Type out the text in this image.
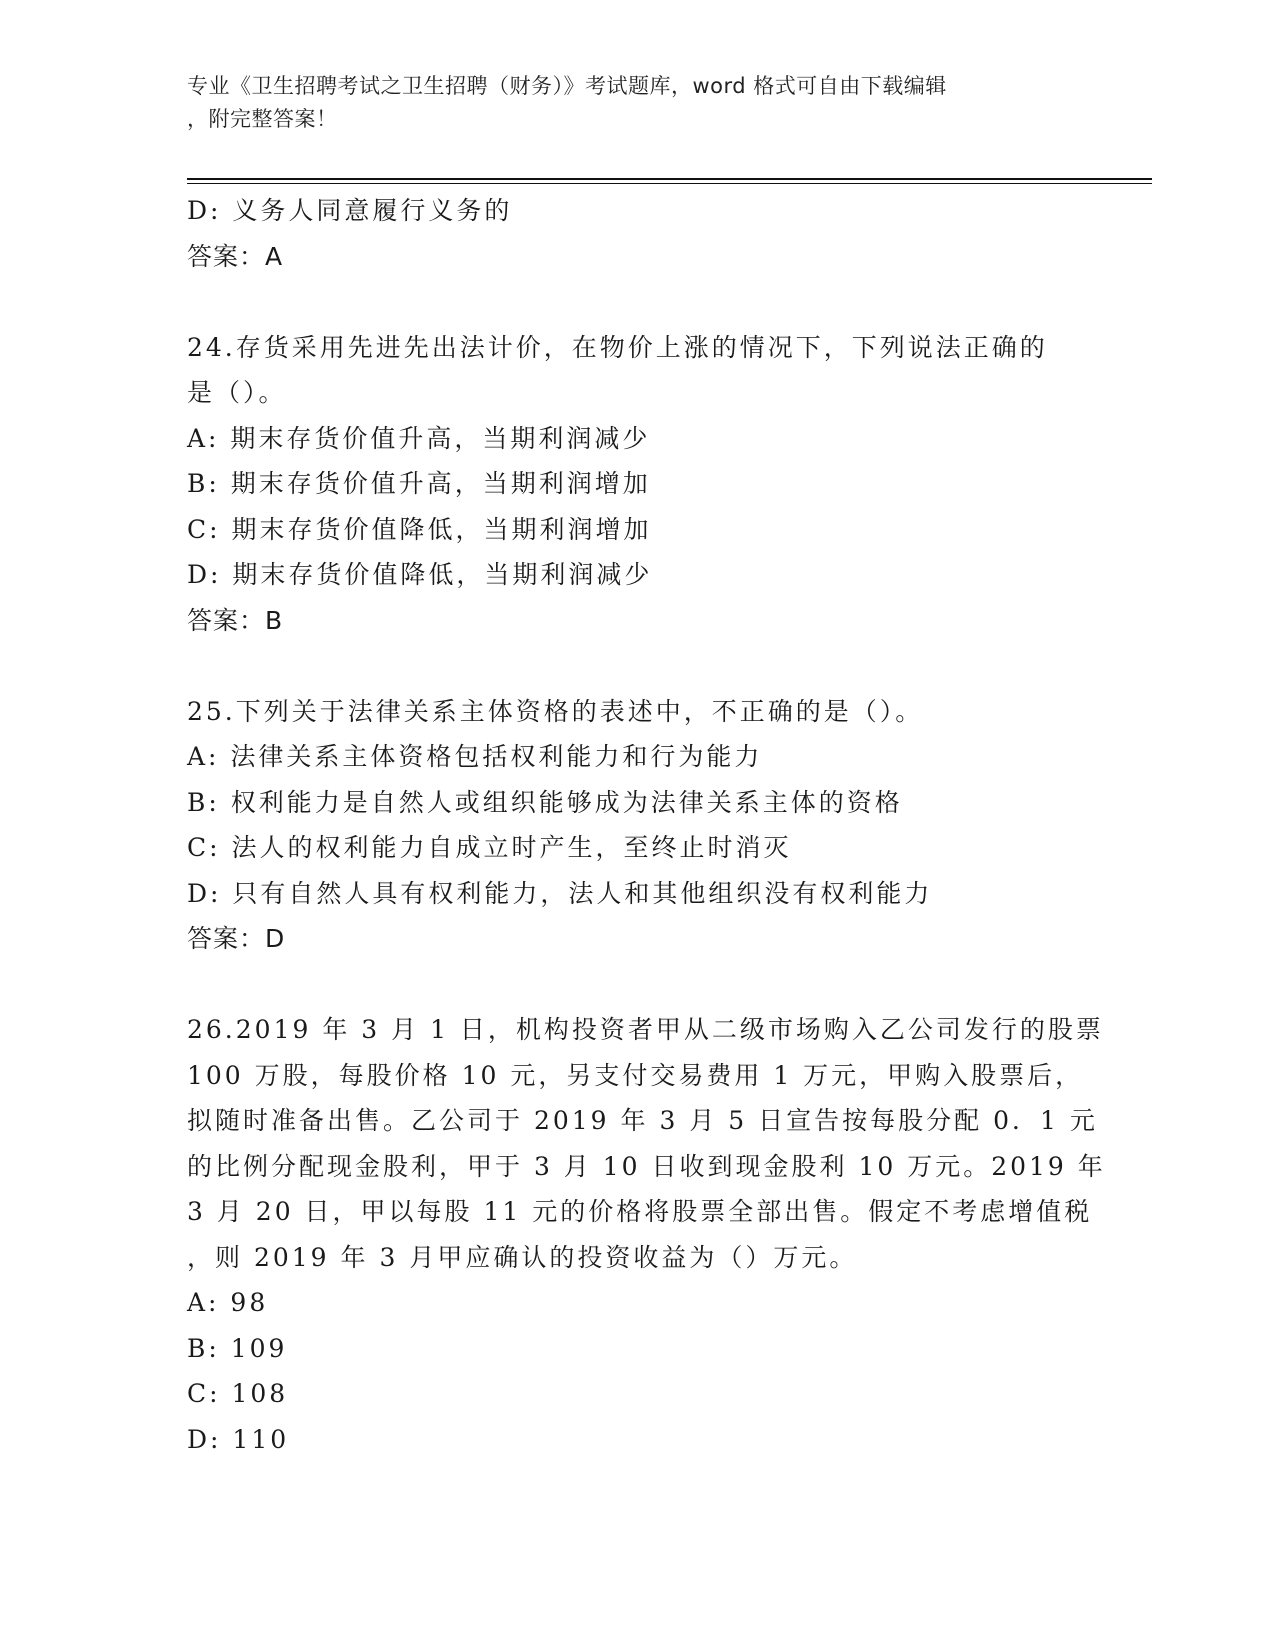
专业《卫生招聘考试之卫生招聘（财务）》考试题库，word 格式可自由下载编辑
，附完整答案！
D: 义务人同意履行义务的
答案：A
24.存货采用先进先出法计价，在物价上涨的情况下，下列说法正确的
是（）。
A: 期末存货价值升高，当期利润减少
B: 期末存货价值升高，当期利润增加
C: 期末存货价值降低，当期利润增加
D: 期末存货价值降低，当期利润减少
答案：B
25.下列关于法律关系主体资格的表述中，不正确的是（）。
A: 法律关系主体资格包括权利能力和行为能力
B: 权利能力是自然人或组织能够成为法律关系主体的资格
C: 法人的权利能力自成立时产生，至终止时消灭
D: 只有自然人具有权利能力，法人和其他组织没有权利能力
答案：D
26.2019 年 3 月 1 日，机构投资者甲从二级市场购入乙公司发行的股票
100 万股，每股价格 10 元，另支付交易费用 1 万元，甲购入股票后，
拟随时准备出售。乙公司于 2019 年 3 月 5 日宣告按每股分配 0．1 元
的比例分配现金股利，甲于 3 月 10 日收到现金股利 10 万元。2019 年
3 月 20 日，甲以每股 11 元的价格将股票全部出售。假定不考虑增值税
，则 2019 年 3 月甲应确认的投资收益为（）万元。
A: 98
B: 109
C: 108
D: 110
